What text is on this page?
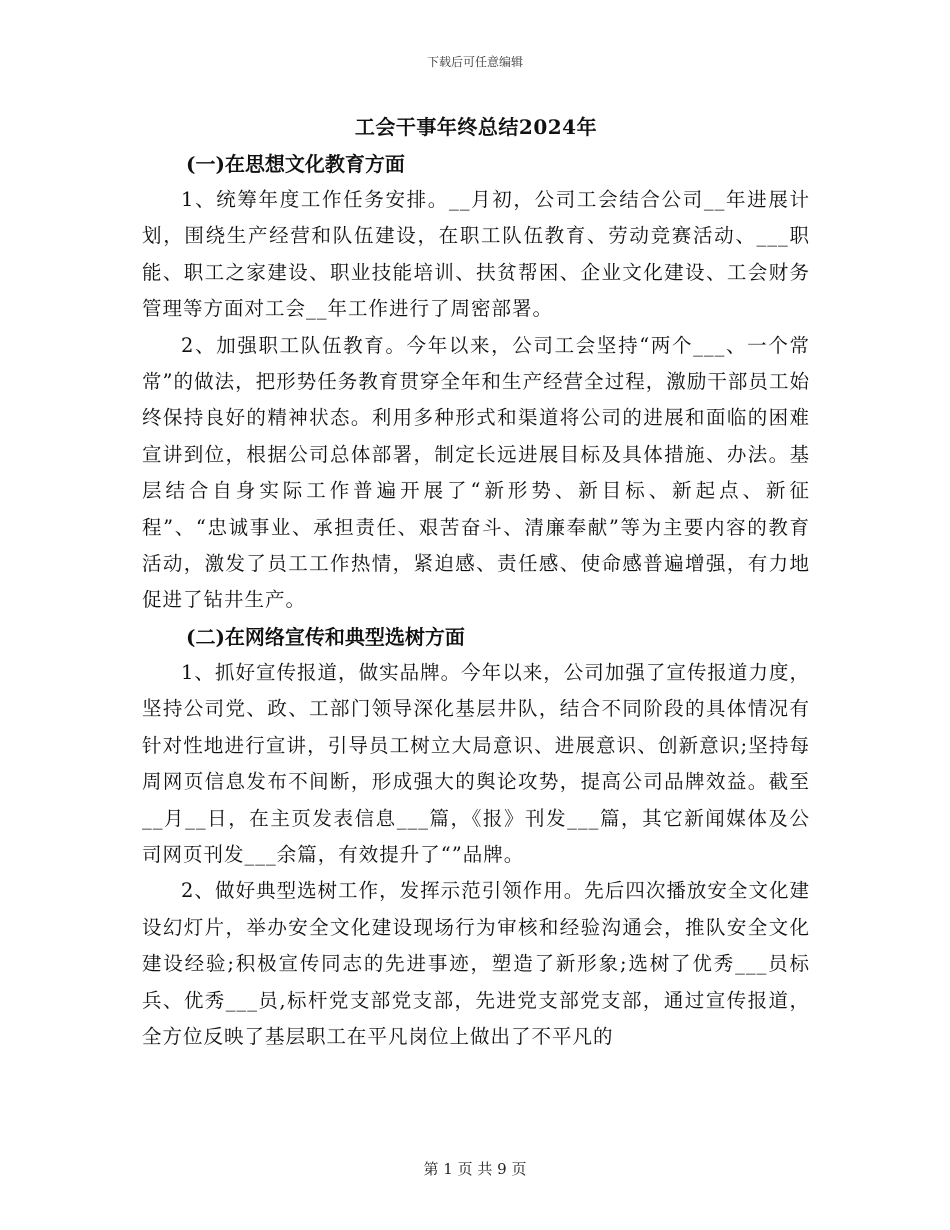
下载后可任意编辑
工会干事年终总结2024年
(一)在思想文化教育方面

1、统筹年度工作任务安排。__月初，公司工会结合公司__年进展计划，围绕生产经营和队伍建设，在职工队伍教育、劳动竞赛活动、___职能、职工之家建设、职业技能培训、扶贫帮困、企业文化建设、工会财务管理等方面对工会__年工作进行了周密部署。

2、加强职工队伍教育。今年以来，公司工会坚持“两个___、一个常常”的做法，把形势任务教育贯穿全年和生产经营全过程，激励干部员工始终保持良好的精神状态。利用多种形式和渠道将公司的进展和面临的困难宣讲到位，根据公司总体部署，制定长远进展目标及具体措施、办法。基层结合自身实际工作普遍开展了“新形势、新目标、新起点、新征程”、“忠诚事业、承担责任、艰苦奋斗、清廉奉献”等为主要内容的教育活动，激发了员工工作热情，紧迫感、责任感、使命感普遍增强，有力地促进了钻井生产。

(二)在网络宣传和典型选树方面

1、抓好宣传报道，做实品牌。今年以来，公司加强了宣传报道力度，坚持公司党、政、工部门领导深化基层井队，结合不同阶段的具体情况有针对性地进行宣讲，引导员工树立大局意识、进展意识、创新意识;坚持每周网页信息发布不间断，形成强大的舆论攻势，提高公司品牌效益。截至__月__日，在主页发表信息___篇，《报》刊发___篇，其它新闻媒体及公司网页刊发___余篇，有效提升了“”品牌。

2、做好典型选树工作，发挥示范引领作用。先后四次播放安全文化建设幻灯片，举办安全文化建设现场行为审核和经验沟通会，推队安全文化建设经验;积极宣传同志的先进事迹，塑造了新形象;选树了优秀___员标兵、优秀___员,标杆党支部党支部，先进党支部党支部，通过宣传报道，全方位反映了基层职工在平凡岗位上做出了不平凡的

第 1 页 共 9 页
